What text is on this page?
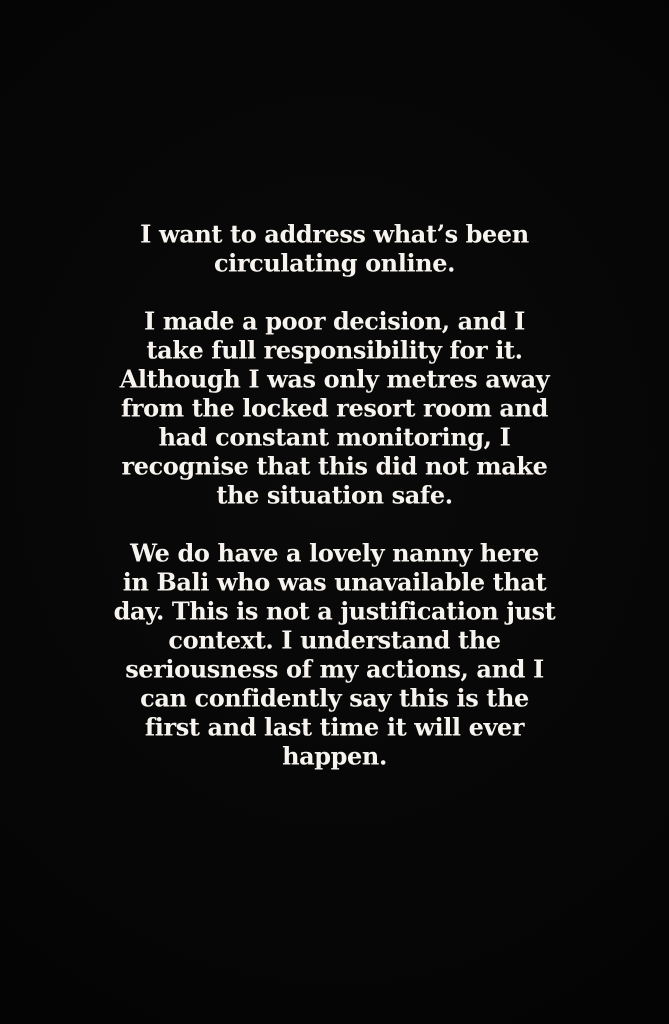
I want to address what’s been
circulating online.

I made a poor decision, and I
take full responsibility for it.
Although I was only metres away
from the locked resort room and
had constant monitoring, I
recognise that this did not make
the situation safe.

We do have a lovely nanny here
in Bali who was unavailable that
day. This is not a justification just
context. I understand the
seriousness of my actions, and I
can confidently say this is the
first and last time it will ever
happen.
